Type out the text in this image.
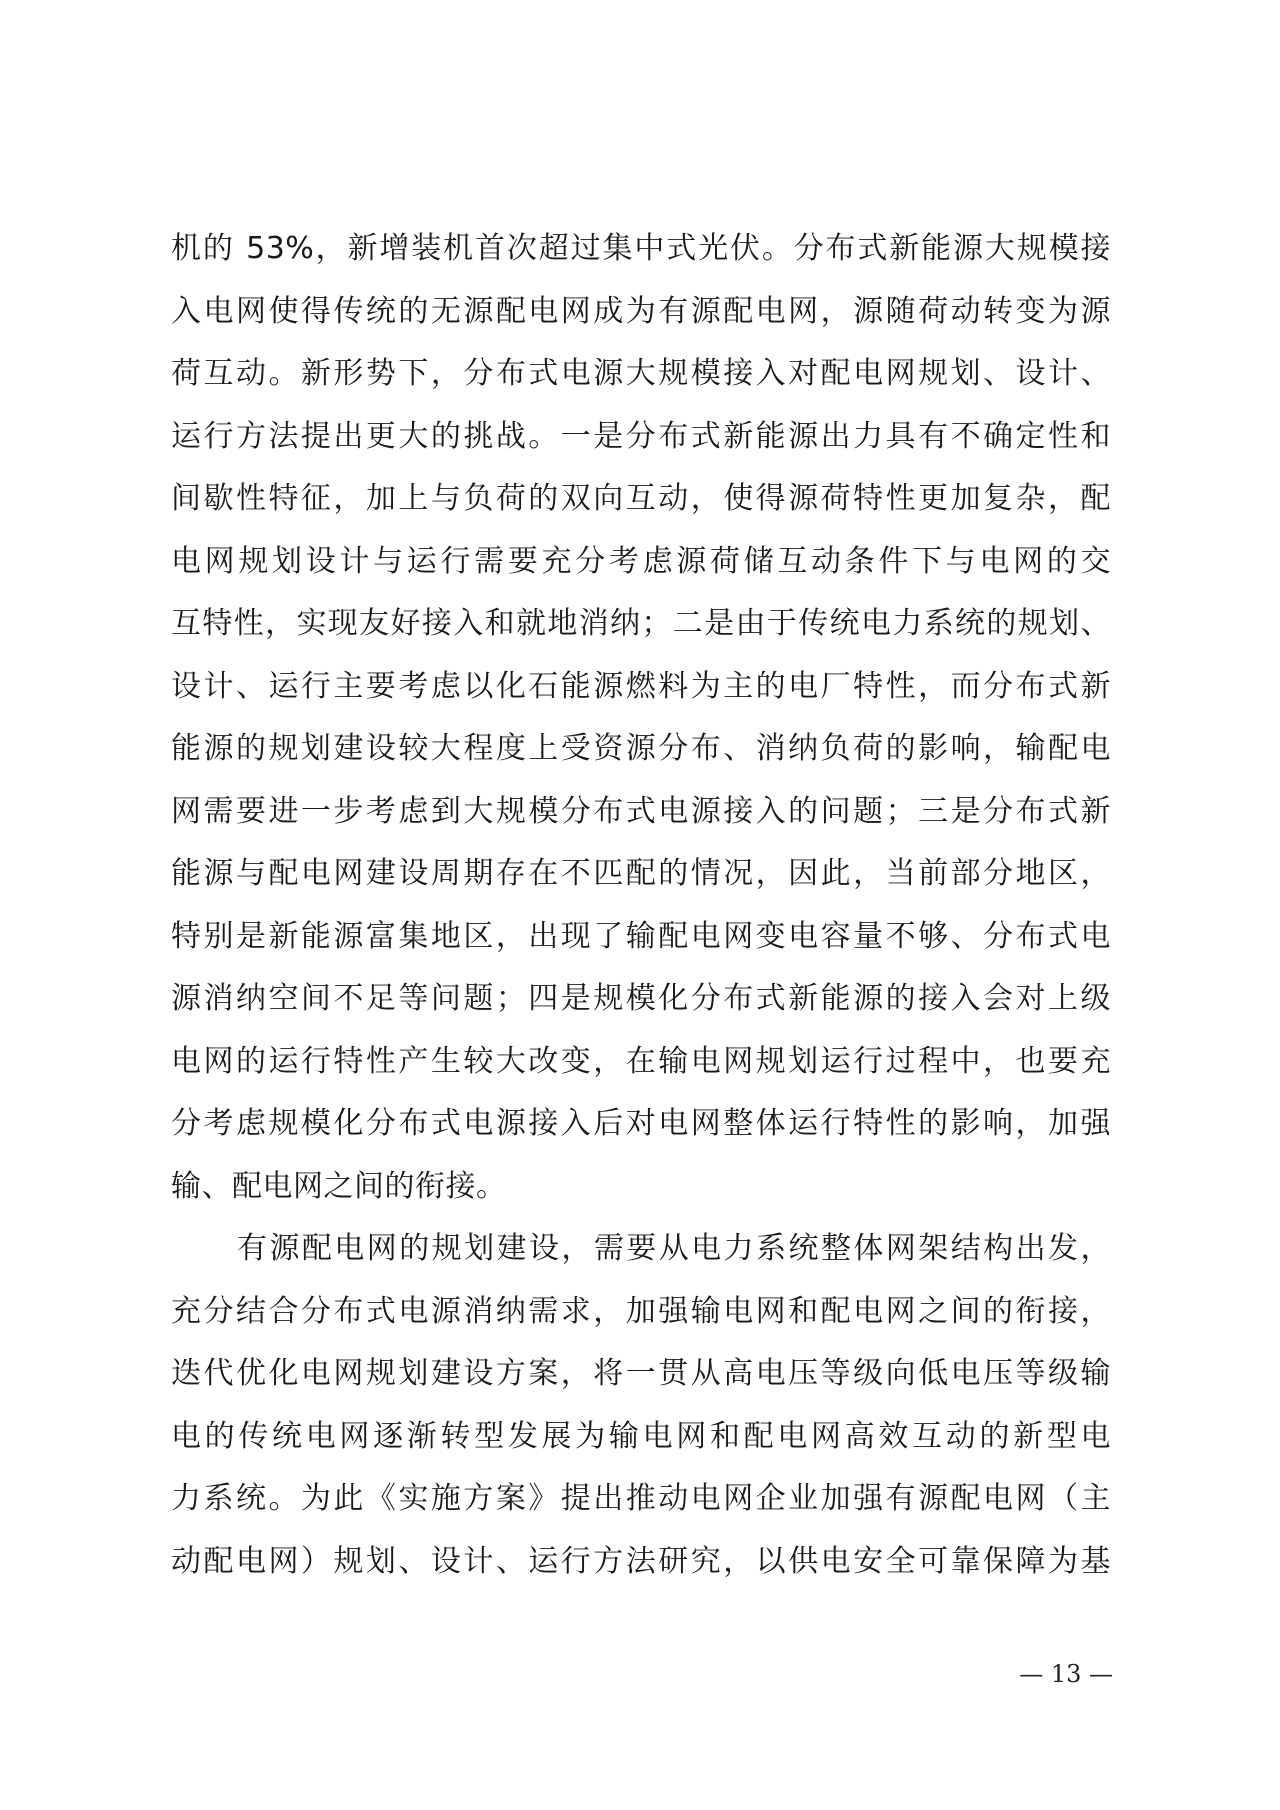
机的 53%，新增装机首次超过集中式光伏。分布式新能源大规模接
入电网使得传统的无源配电网成为有源配电网，源随荷动转变为源
荷互动。新形势下，分布式电源大规模接入对配电网规划、设计、
运行方法提出更大的挑战。一是分布式新能源出力具有不确定性和
间歇性特征，加上与负荷的双向互动，使得源荷特性更加复杂，配
电网规划设计与运行需要充分考虑源荷储互动条件下与电网的交
互特性，实现友好接入和就地消纳；二是由于传统电力系统的规划、
设计、运行主要考虑以化石能源燃料为主的电厂特性，而分布式新
能源的规划建设较大程度上受资源分布、消纳负荷的影响，输配电
网需要进一步考虑到大规模分布式电源接入的问题；三是分布式新
能源与配电网建设周期存在不匹配的情况，因此，当前部分地区，
特别是新能源富集地区，出现了输配电网变电容量不够、分布式电
源消纳空间不足等问题；四是规模化分布式新能源的接入会对上级
电网的运行特性产生较大改变，在输电网规划运行过程中，也要充
分考虑规模化分布式电源接入后对电网整体运行特性的影响，加强
输、配电网之间的衔接。
有源配电网的规划建设，需要从电力系统整体网架结构出发，
充分结合分布式电源消纳需求，加强输电网和配电网之间的衔接，
迭代优化电网规划建设方案，将一贯从高电压等级向低电压等级输
电的传统电网逐渐转型发展为输电网和配电网高效互动的新型电
力系统。为此《实施方案》提出推动电网企业加强有源配电网（主
动配电网）规划、设计、运行方法研究，以供电安全可靠保障为基
— 13 —
